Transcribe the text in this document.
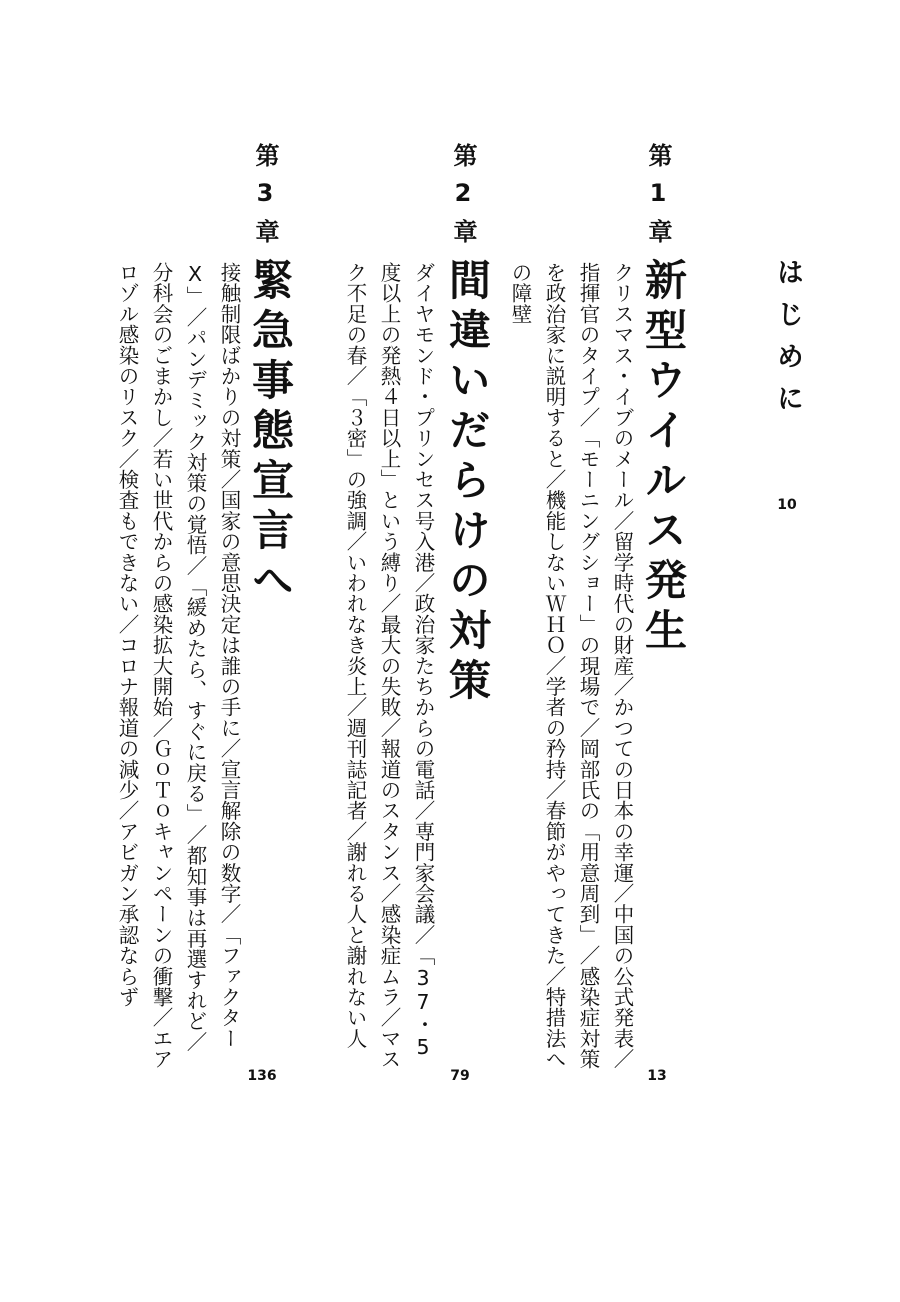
はじめに
10
第1章
新型ウイルス発生
クリスマス・イブのメール／留学時代の財産／かつての日本の幸運／中国の公式発表／指揮官のタイプ／「モーニングショー」の現場で／岡部氏の「用意周到」／感染症対策を政治家に説明すると／機能しないＷＨＯ／学者の矜持／春節がやってきた／特措法への障壁
13
第2章
間違いだらけの対策
ダイヤモンド・プリンセス号入港／政治家たちからの電話／専門家会議／「37・5度以上の発熱４日以上」という縛り／最大の失敗／報道のスタンス／感染症ムラ／マスク不足の春／「３密」の強調／いわれなき炎上／週刊誌記者／謝れる人と謝れない人
79
第3章
緊急事態宣言へ
接触制限ばかりの対策／国家の意思決定は誰の手に／宣言解除の数字／「ファクターX」／パンデミック対策の覚悟／「緩めたら、すぐに戻る」／都知事は再選すれど／分科会のごまかし／若い世代からの感染拡大開始／ＧｏＴｏキャンペーンの衝撃／エアロゾル感染のリスク／検査もできない／コロナ報道の減少／アビガン承認ならず
136
